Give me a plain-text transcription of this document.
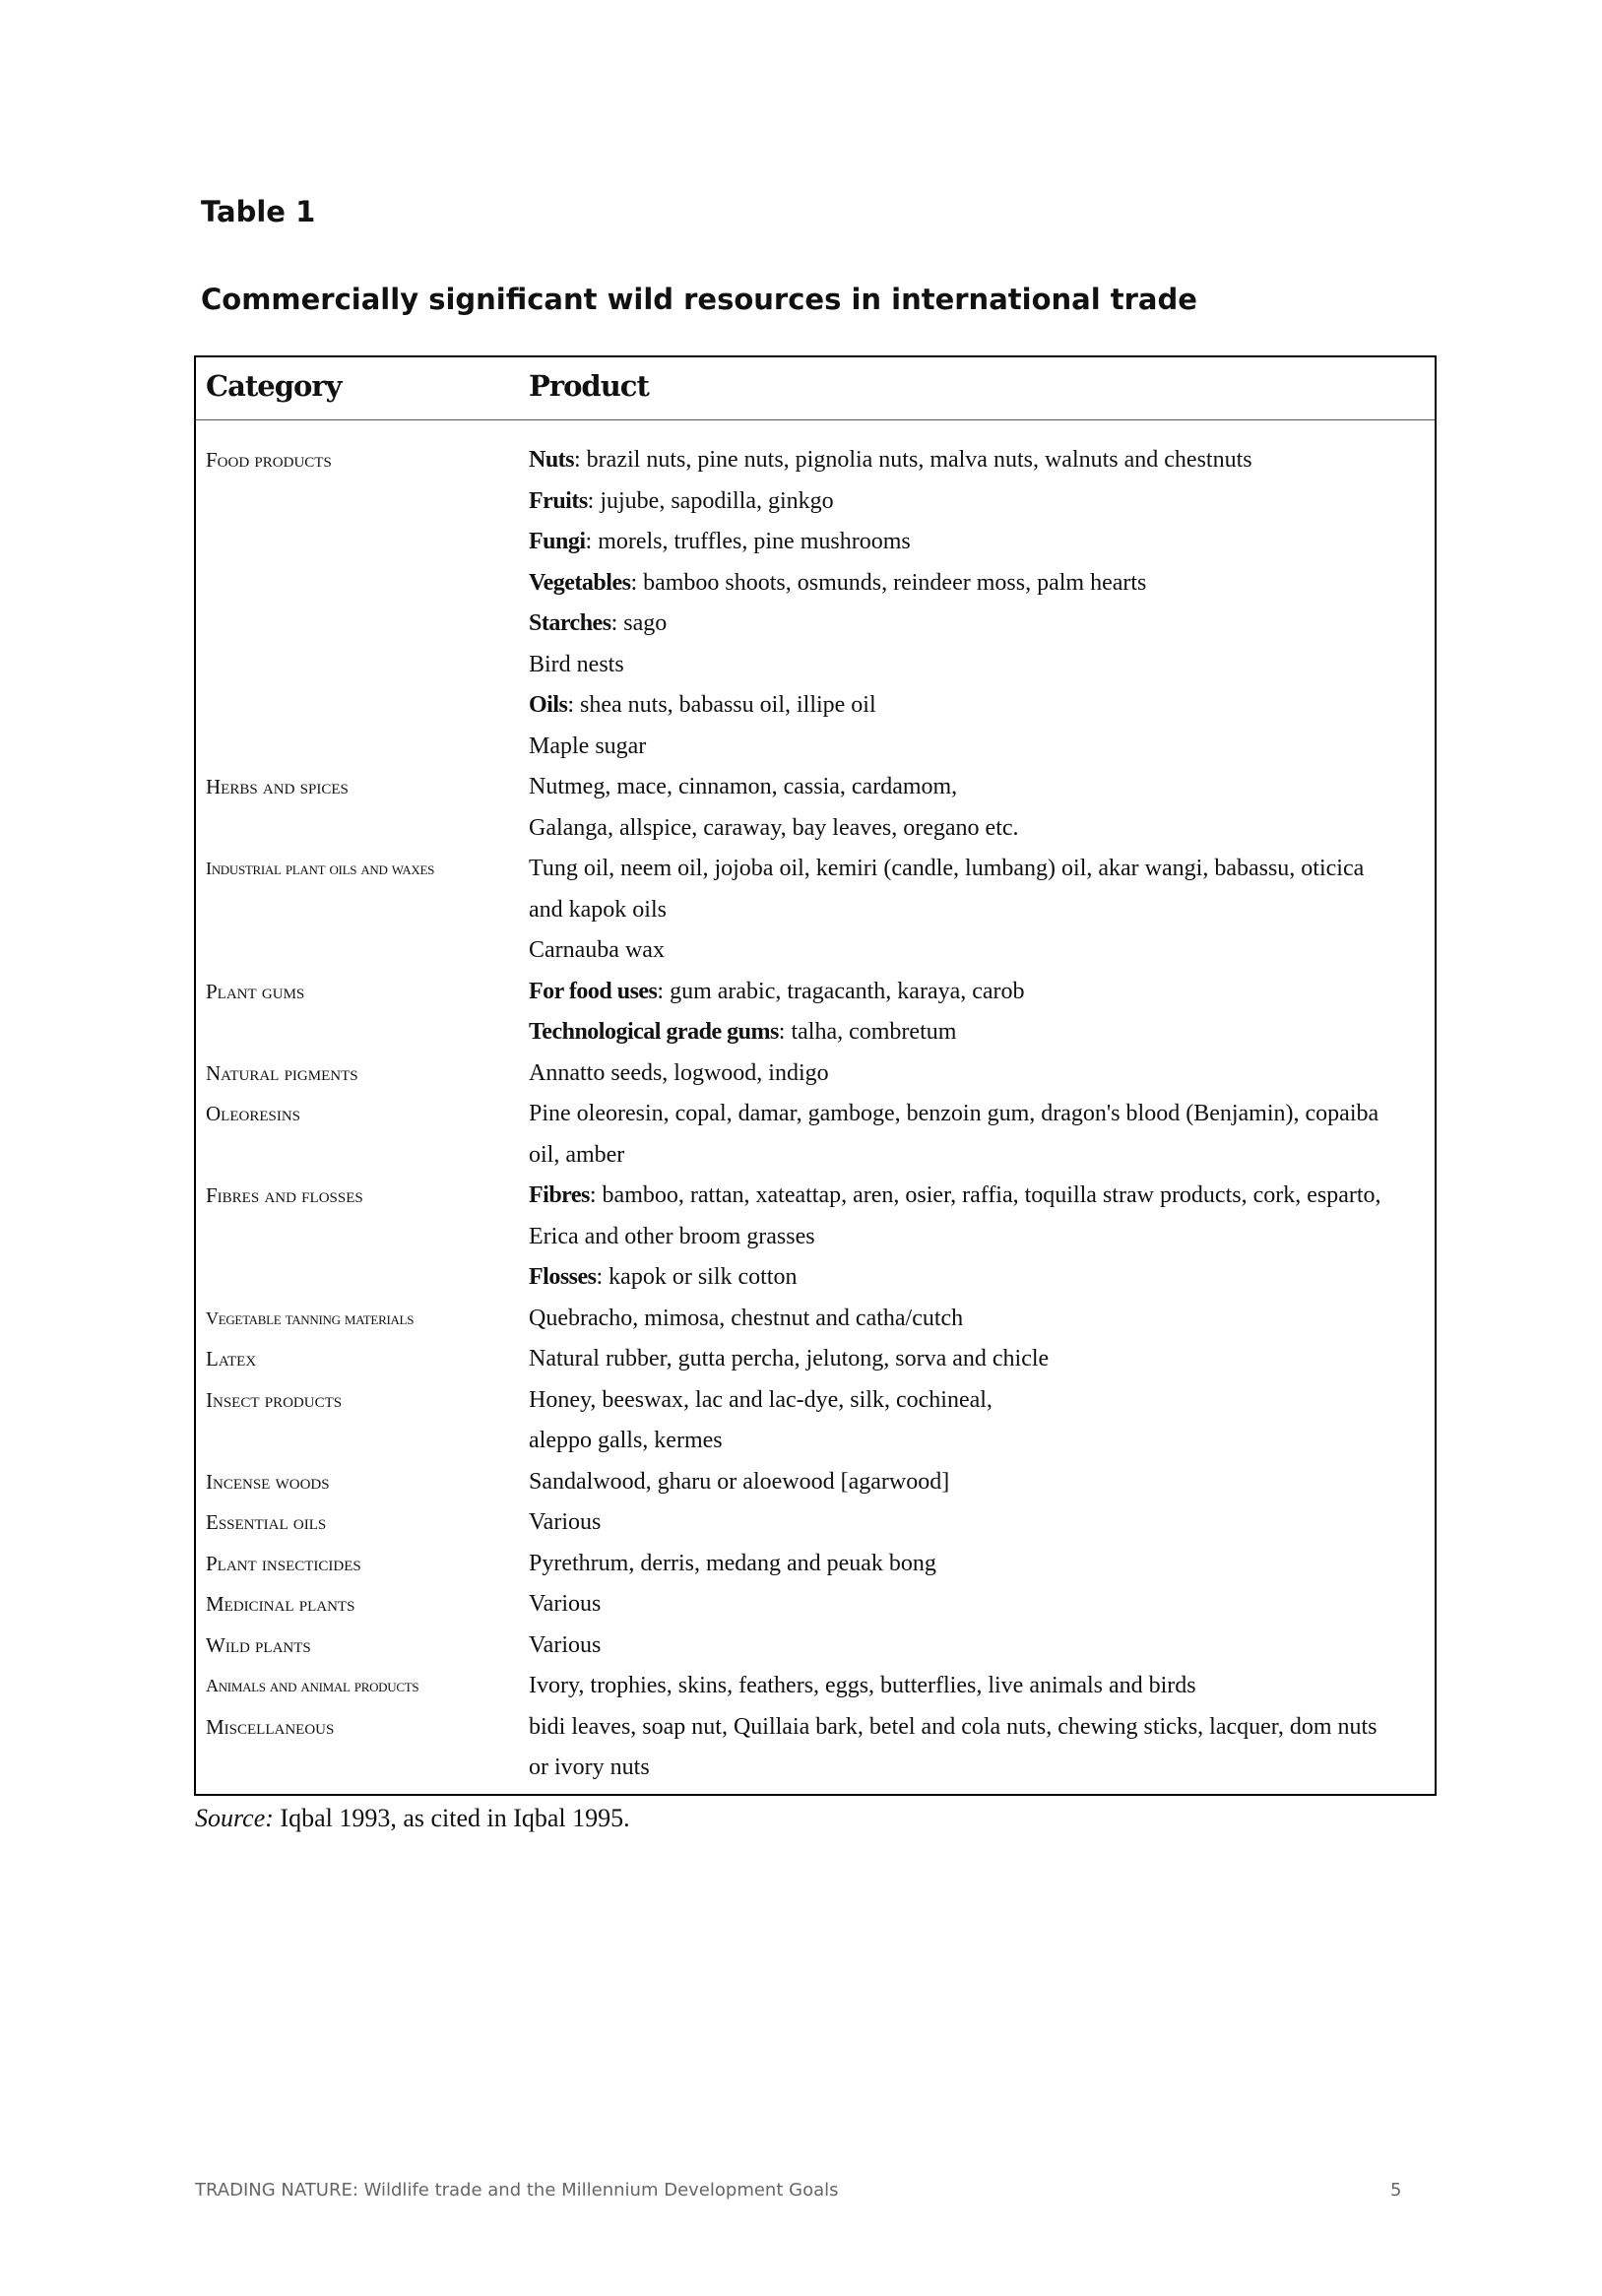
Table 1
Commercially significant wild resources in international trade
Category	Product
Food products	Nuts: brazil nuts, pine nuts, pignolia nuts, malva nuts, walnuts and chestnuts
Fruits: jujube, sapodilla, ginkgo
Fungi: morels, truffles, pine mushrooms
Vegetables: bamboo shoots, osmunds, reindeer moss, palm hearts
Starches: sago
Bird nests
Oils: shea nuts, babassu oil, illipe oil
Maple sugar
Herbs and spices	Nutmeg, mace, cinnamon, cassia, cardamom,
Galanga, allspice, caraway, bay leaves, oregano etc.
Industrial plant oils and waxes	Tung oil, neem oil, jojoba oil, kemiri (candle, lumbang) oil, akar wangi, babassu, oticica
and kapok oils
Carnauba wax
Plant gums	For food uses: gum arabic, tragacanth, karaya, carob
Technological grade gums: talha, combretum
Natural pigments	Annatto seeds, logwood, indigo
Oleoresins	Pine oleoresin, copal, damar, gamboge, benzoin gum, dragon's blood (Benjamin), copaiba
oil, amber
Fibres and flosses	Fibres: bamboo, rattan, xateattap, aren, osier, raffia, toquilla straw products, cork, esparto,
Erica and other broom grasses
Flosses: kapok or silk cotton
Vegetable tanning materials	Quebracho, mimosa, chestnut and catha/cutch
Latex	Natural rubber, gutta percha, jelutong, sorva and chicle
Insect products	Honey, beeswax, lac and lac-dye, silk, cochineal,
aleppo galls, kermes
Incense woods	Sandalwood, gharu or aloewood [agarwood]
Essential oils	Various
Plant insecticides	Pyrethrum, derris, medang and peuak bong
Medicinal plants	Various
Wild plants	Various
Animals and animal products	Ivory, trophies, skins, feathers, eggs, butterflies, live animals and birds
Miscellaneous	bidi leaves, soap nut, Quillaia bark, betel and cola nuts, chewing sticks, lacquer, dom nuts
or ivory nuts
Source: Iqbal 1993, as cited in Iqbal 1995.
TRADING NATURE: Wildlife trade and the Millennium Development Goals	5
